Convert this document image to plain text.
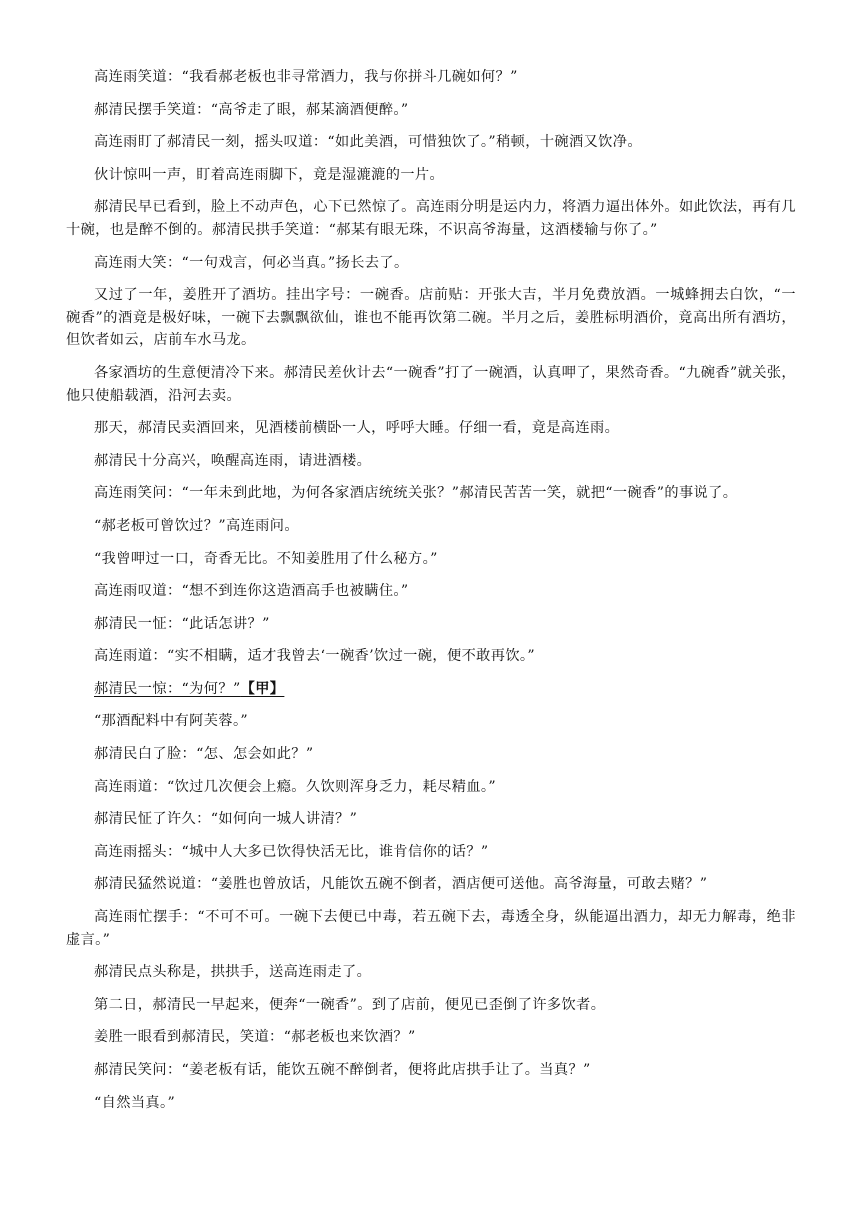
高连雨笑道：“我看郝老板也非寻常酒力，我与你拼斗几碗如何？”

郝清民摆手笑道：“高爷走了眼，郝某滴酒便醉。”

高连雨盯了郝清民一刻，摇头叹道：“如此美酒，可惜独饮了。”稍顿，十碗酒又饮净。

伙计惊叫一声，盯着高连雨脚下，竟是湿漉漉的一片。

郝清民早已看到，脸上不动声色，心下已然惊了。高连雨分明是运内力，将酒力逼出体外。如此饮法，再有几十碗，也是醉不倒的。郝清民拱手笑道：“郝某有眼无珠，不识高爷海量，这酒楼输与你了。”

高连雨大笑：“一句戏言，何必当真。”扬长去了。

又过了一年，姜胜开了酒坊。挂出字号：一碗香。店前贴：开张大吉，半月免费放酒。一城蜂拥去白饮，“一碗香”的酒竟是极好味，一碗下去飘飘欲仙，谁也不能再饮第二碗。半月之后，姜胜标明酒价，竟高出所有酒坊，但饮者如云，店前车水马龙。

各家酒坊的生意便清冷下来。郝清民差伙计去“一碗香”打了一碗酒，认真呷了，果然奇香。“九碗香”就关张，他只使船载酒，沿河去卖。

那天，郝清民卖酒回来，见酒楼前横卧一人，呼呼大睡。仔细一看，竟是高连雨。

郝清民十分高兴，唤醒高连雨，请进酒楼。

高连雨笑问：“一年未到此地，为何各家酒店统统关张？”郝清民苦苦一笑，就把“一碗香”的事说了。

“郝老板可曾饮过？”高连雨问。

“我曾呷过一口，奇香无比。不知姜胜用了什么秘方。”

高连雨叹道：“想不到连你这造酒高手也被瞒住。”

郝清民一怔：“此话怎讲？”

高连雨道：“实不相瞒，适才我曾去‘一碗香’饮过一碗，便不敢再饮。”

郝清民一惊：“为何？”【甲】

“那酒配料中有阿芙蓉。”

郝清民白了脸：“怎、怎会如此？”

高连雨道：“饮过几次便会上瘾。久饮则浑身乏力，耗尽精血。”

郝清民怔了许久：“如何向一城人讲清？”

高连雨摇头：“城中人大多已饮得快活无比，谁肯信你的话？”

郝清民猛然说道：“姜胜也曾放话，凡能饮五碗不倒者，酒店便可送他。高爷海量，可敢去赌？”

高连雨忙摆手：“不可不可。一碗下去便已中毒，若五碗下去，毒透全身，纵能逼出酒力，却无力解毒，绝非虚言。”

郝清民点头称是，拱拱手，送高连雨走了。

第二日，郝清民一早起来，便奔“一碗香”。到了店前，便见已歪倒了许多饮者。

姜胜一眼看到郝清民，笑道：“郝老板也来饮酒？”

郝清民笑问：“姜老板有话，能饮五碗不醉倒者，便将此店拱手让了。当真？”

“自然当真。”
